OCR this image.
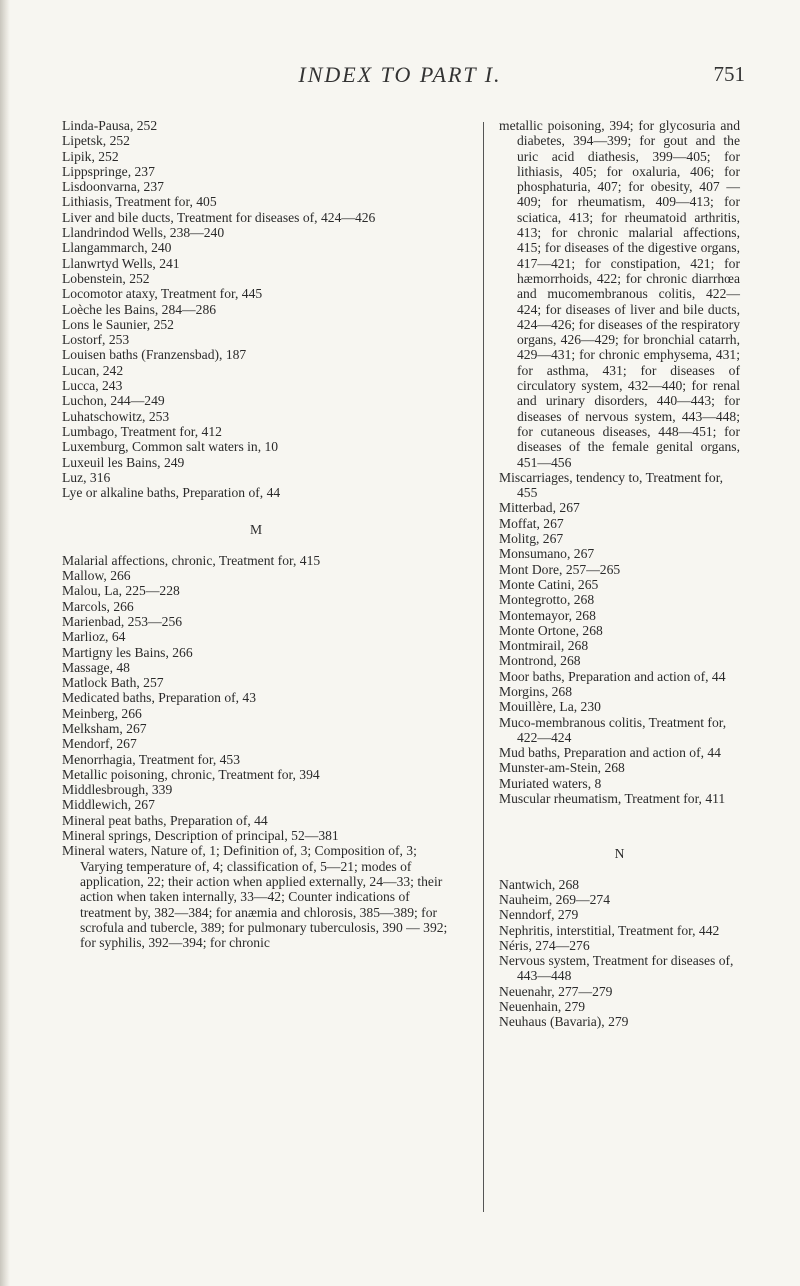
INDEX TO PART I.	751
Linda-Pausa, 252
Lipetsk, 252
Lipik, 252
Lippspringe, 237
Lisdoonvarna, 237
Lithiasis, Treatment for, 405
Liver and bile ducts, Treatment for diseases of, 424—426
Llandrindod Wells, 238—240
Llangammarch, 240
Llanwrtyd Wells, 241
Lobenstein, 252
Locomotor ataxy, Treatment for, 445
Loèche les Bains, 284—286
Lons le Saunier, 252
Lostorf, 253
Louisen baths (Franzensbad), 187
Lucan, 242
Lucca, 243
Luchon, 244—249
Luhatschowitz, 253
Lumbago, Treatment for, 412
Luxemburg, Common salt waters in, 10
Luxeuil les Bains, 249
Luz, 316
Lye or alkaline baths, Preparation of, 44
M
Malarial affections, chronic, Treatment for, 415
Mallow, 266
Malou, La, 225—228
Marcols, 266
Marienbad, 253—256
Marlioz, 64
Martigny les Bains, 266
Massage, 48
Matlock Bath, 257
Medicated baths, Preparation of, 43
Meinberg, 266
Melksham, 267
Mendorf, 267
Menorrhagia, Treatment for, 453
Metallic poisoning, chronic, Treatment for, 394
Middlesbrough, 339
Middlewich, 267
Mineral peat baths, Preparation of, 44
Mineral springs, Description of principal, 52—381
Mineral waters, Nature of, 1; Definition of, 3; Composition of, 3; Varying temperature of, 4; classification of, 5—21; modes of application, 22; their action when applied externally, 24—33; their action when taken internally, 33—42; Counter indications of treatment by, 382—384; for anæmia and chlorosis, 385—389; for scrofula and tubercle, 389; for pulmonary tuberculosis, 390 — 392; for syphilis, 392—394; for chronic
metallic poisoning, 394; for glycosuria and diabetes, 394—399; for gout and the uric acid diathesis, 399—405; for lithiasis, 405; for oxaluria, 406; for phosphaturia, 407; for obesity, 407 — 409; for rheumatism, 409—413; for sciatica, 413; for rheumatoid arthritis, 413; for chronic malarial affections, 415; for diseases of the digestive organs, 417—421; for constipation, 421; for hæmorrhoids, 422; for chronic diarrhœa and mucomembranous colitis, 422—424; for diseases of liver and bile ducts, 424—426; for diseases of the respiratory organs, 426—429; for bronchial catarrh, 429—431; for chronic emphysema, 431; for asthma, 431; for diseases of circulatory system, 432—440; for renal and urinary disorders, 440—443; for diseases of nervous system, 443—448; for cutaneous diseases, 448—451; for diseases of the female genital organs, 451—456
Miscarriages, tendency to, Treatment for, 455
Mitterbad, 267
Moffat, 267
Molitg, 267
Monsumano, 267
Mont Dore, 257—265
Monte Catini, 265
Montegrotto, 268
Montemayor, 268
Monte Ortone, 268
Montmirail, 268
Montrond, 268
Moor baths, Preparation and action of, 44
Morgins, 268
Mouillère, La, 230
Muco-membranous colitis, Treatment for, 422—424
Mud baths, Preparation and action of, 44
Munster-am-Stein, 268
Muriated waters, 8
Muscular rheumatism, Treatment for, 411
N
Nantwich, 268
Nauheim, 269—274
Nenndorf, 279
Nephritis, interstitial, Treatment for, 442
Néris, 274—276
Nervous system, Treatment for diseases of, 443—448
Neuenahr, 277—279
Neuenhain, 279
Neuhaus (Bavaria), 279
